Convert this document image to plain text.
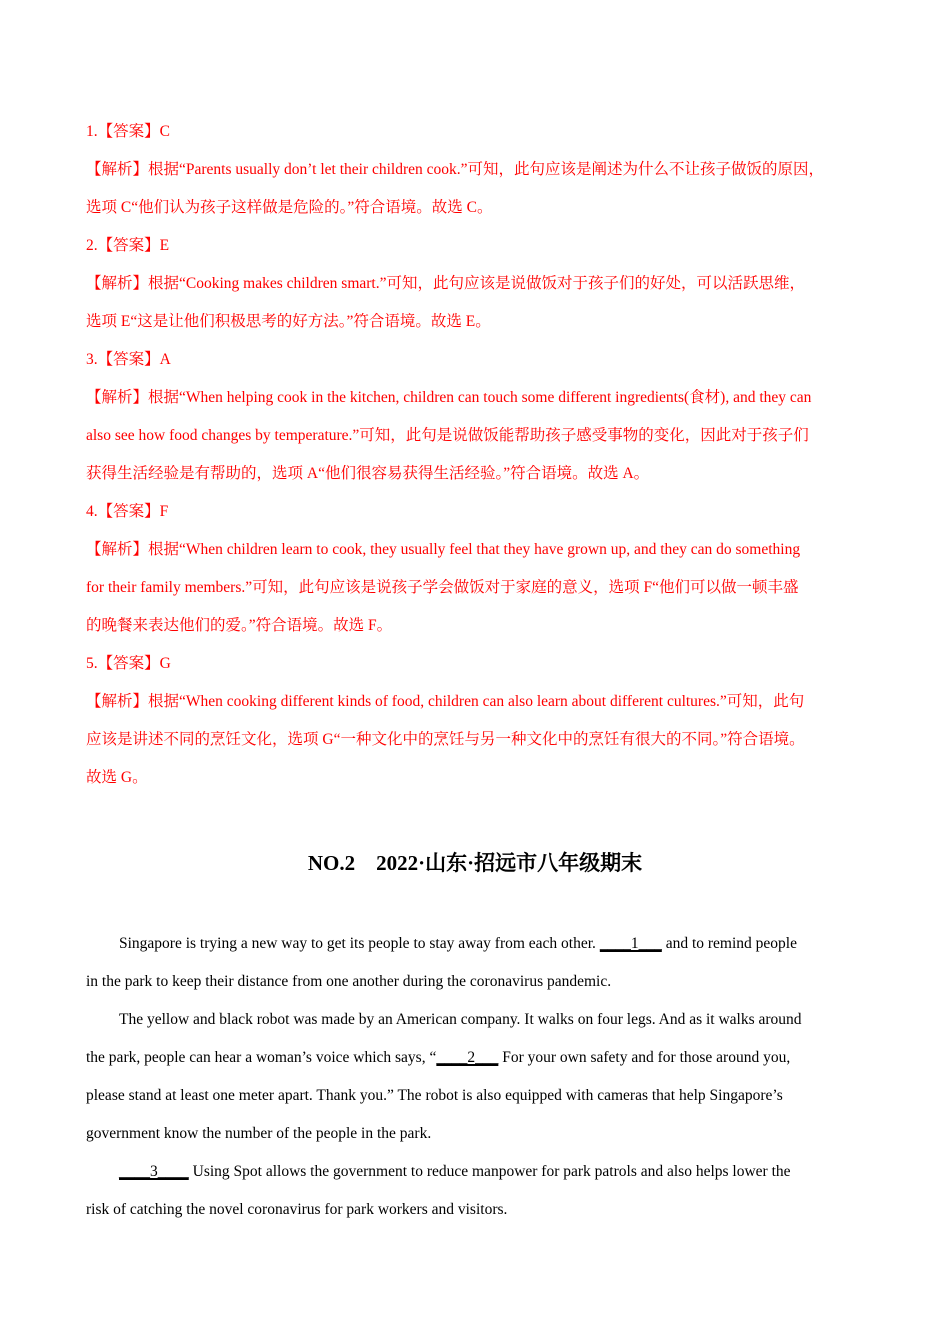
1.【答案】C
【解析】根据“Parents usually don’t let their children cook.”可知，此句应该是阐述为什么不让孩子做饭的原因，
选项 C“他们认为孩子这样做是危险的。”符合语境。故选 C。
2.【答案】E
【解析】根据“Cooking makes children smart.”可知，此句应该是说做饭对于孩子们的好处，可以活跃思维，
选项 E“这是让他们积极思考的好方法。”符合语境。故选 E。
3.【答案】A
【解析】根据“When helping cook in the kitchen, children can touch some different ingredients(食材), and they can
also see how food changes by temperature.”可知，此句是说做饭能帮助孩子感受事物的变化，因此对于孩子们
获得生活经验是有帮助的，选项 A“他们很容易获得生活经验。”符合语境。故选 A。
4.【答案】F
【解析】根据“When children learn to cook, they usually feel that they have grown up, and they can do something
for their family members.”可知，此句应该是说孩子学会做饭对于家庭的意义，选项 F“他们可以做一顿丰盛
的晚餐来表达他们的爱。”符合语境。故选 F。
5.【答案】G
【解析】根据“When cooking different kinds of food, children can also learn about different cultures.”可知，此句
应该是讲述不同的烹饪文化，选项 G“一种文化中的烹饪与另一种文化中的烹饪有很大的不同。”符合语境。
故选 G。
NO.2    2022·山东·招远市八年级期末
Singapore is trying a new way to get its people to stay away from each other. ____1___ and to remind people
in the park to keep their distance from one another during the coronavirus pandemic.
The yellow and black robot was made by an American company. It walks on four legs. And as it walks around
the park, people can hear a woman’s voice which says, “____2___ For your own safety and for those around you,
please stand at least one meter apart. Thank you.” The robot is also equipped with cameras that help Singapore’s
government know the number of the people in the park.
____3____ Using Spot allows the government to reduce manpower for park patrols and also helps lower the
risk of catching the novel coronavirus for park workers and visitors.
